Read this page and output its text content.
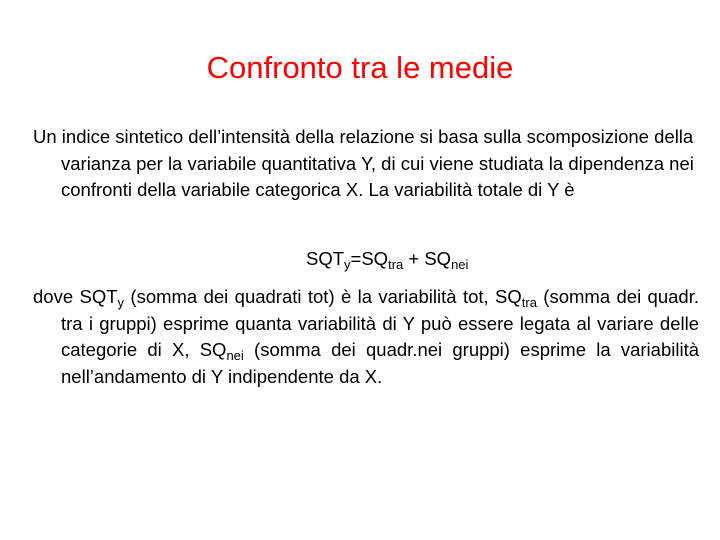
Confronto tra le medie
Un indice sintetico dell’intensità della relazione si basa sulla scomposizione della varianza per la variabile quantitativa Y, di cui viene studiata la dipendenza nei confronti della variabile categorica X. La variabilità totale di Y è
$SQT_y=SQ_{tra} + SQ_{nei}$
dove $SQT_y$ (somma dei quadrati tot) è la variabilità tot, $SQ_{tra}$ (somma dei quadr. tra i gruppi) esprime quanta variabilità di Y può essere legata al variare delle categorie di X, $SQ_{nei}$ (somma dei quadr.nei gruppi) esprime la variabilità nell’andamento di Y indipendente da X.
